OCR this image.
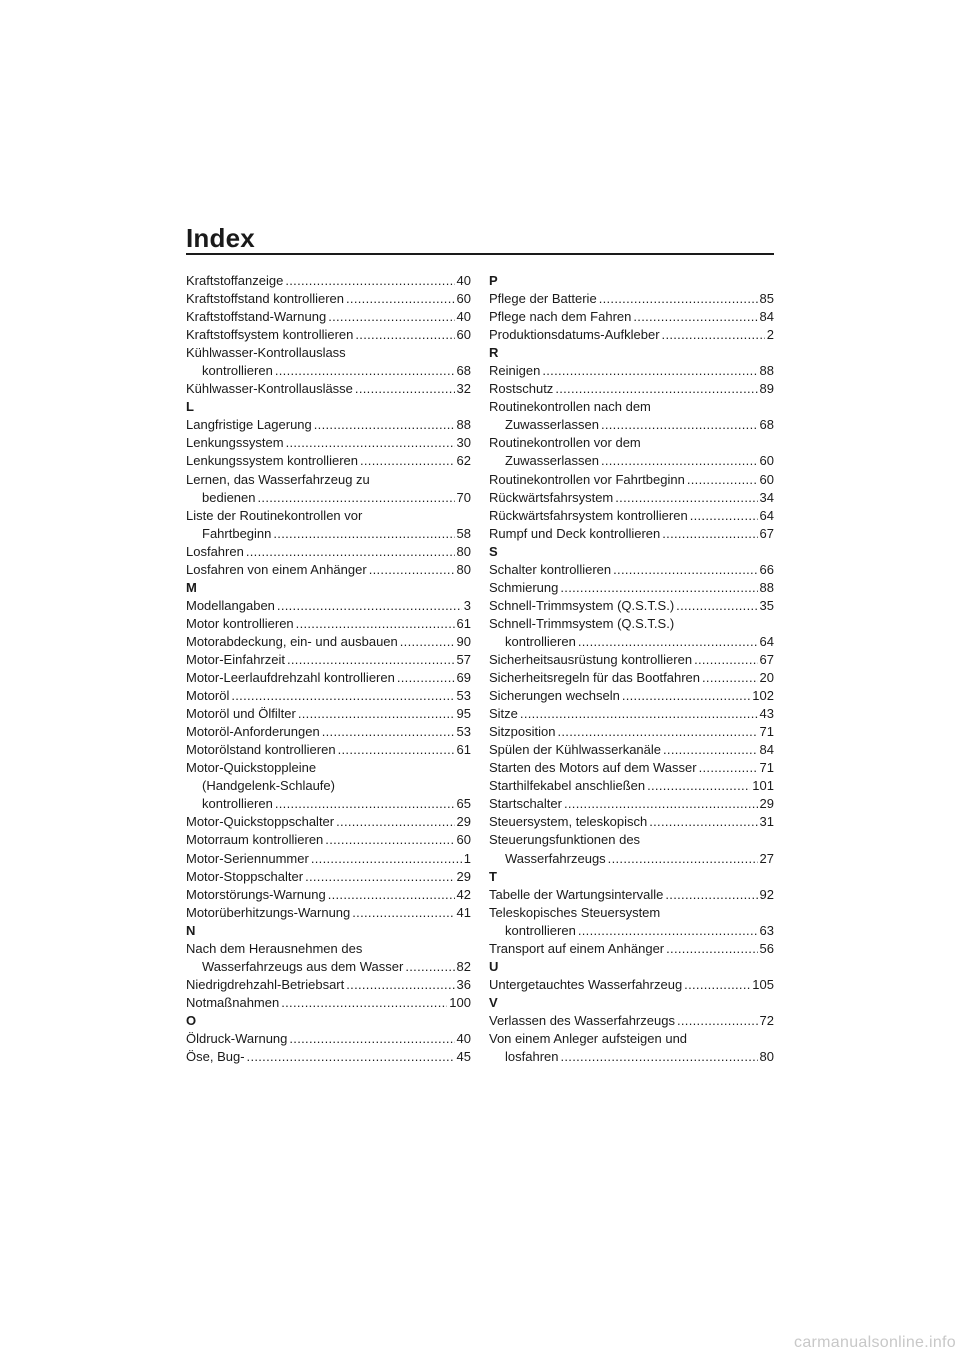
Index
Kraftstoffanzeige .....	40
Kraftstoffstand kontrollieren .....	60
Kraftstoffstand-Warnung .....	40
Kraftstoffsystem kontrollieren .....	60
Kühlwasser-Kontrollauslass
kontrollieren .....	68
Kühlwasser-Kontrollauslässe .....	32
L
Langfristige Lagerung .....	88
Lenkungssystem .....	30
Lenkungssystem kontrollieren .....	62
Lernen, das Wasserfahrzeug zu
bedienen .....	70
Liste der Routinekontrollen vor
Fahrtbeginn .....	58
Losfahren .....	80
Losfahren von einem Anhänger .....	80
M
Modellangaben .....	3
Motor kontrollieren .....	61
Motorabdeckung, ein- und ausbauen .....	90
Motor-Einfahrzeit .....	57
Motor-Leerlaufdrehzahl kontrollieren .....	69
Motoröl .....	53
Motoröl und Ölfilter .....	95
Motoröl-Anforderungen .....	53
Motorölstand kontrollieren .....	61
Motor-Quickstoppleine
(Handgelenk-Schlaufe)
kontrollieren .....	65
Motor-Quickstoppschalter .....	29
Motorraum kontrollieren .....	60
Motor-Seriennummer .....	1
Motor-Stoppschalter .....	29
Motorstörungs-Warnung .....	42
Motorüberhitzungs-Warnung .....	41
N
Nach dem Herausnehmen des
Wasserfahrzeugs aus dem Wasser .....	82
Niedrigdrehzahl-Betriebsart .....	36
Notmaßnahmen .....	100
O
Öldruck-Warnung .....	40
Öse, Bug- .....	45
P
Pflege der Batterie .....	85
Pflege nach dem Fahren .....	84
Produktionsdatums-Aufkleber .....	2
R
Reinigen .....	88
Rostschutz .....	89
Routinekontrollen nach dem
Zuwasserlassen .....	68
Routinekontrollen vor dem
Zuwasserlassen .....	60
Routinekontrollen vor Fahrtbeginn .....	60
Rückwärtsfahrsystem .....	34
Rückwärtsfahrsystem kontrollieren .....	64
Rumpf und Deck kontrollieren .....	67
S
Schalter kontrollieren .....	66
Schmierung .....	88
Schnell-Trimmsystem (Q.S.T.S.) .....	35
Schnell-Trimmsystem (Q.S.T.S.)
kontrollieren .....	64
Sicherheitsausrüstung kontrollieren .....	67
Sicherheitsregeln für das Bootfahren .....	20
Sicherungen wechseln .....	102
Sitze .....	43
Sitzposition .....	71
Spülen der Kühlwasserkanäle .....	84
Starten des Motors auf dem Wasser .....	71
Starthilfekabel anschließen .....	101
Startschalter .....	29
Steuersystem, teleskopisch .....	31
Steuerungsfunktionen des
Wasserfahrzeugs .....	27
T
Tabelle der Wartungsintervalle .....	92
Teleskopisches Steuersystem
kontrollieren .....	63
Transport auf einem Anhänger .....	56
U
Untergetauchtes Wasserfahrzeug .....	105
V
Verlassen des Wasserfahrzeugs .....	72
Von einem Anleger aufsteigen und
losfahren .....	80
carmanualsonline.info
